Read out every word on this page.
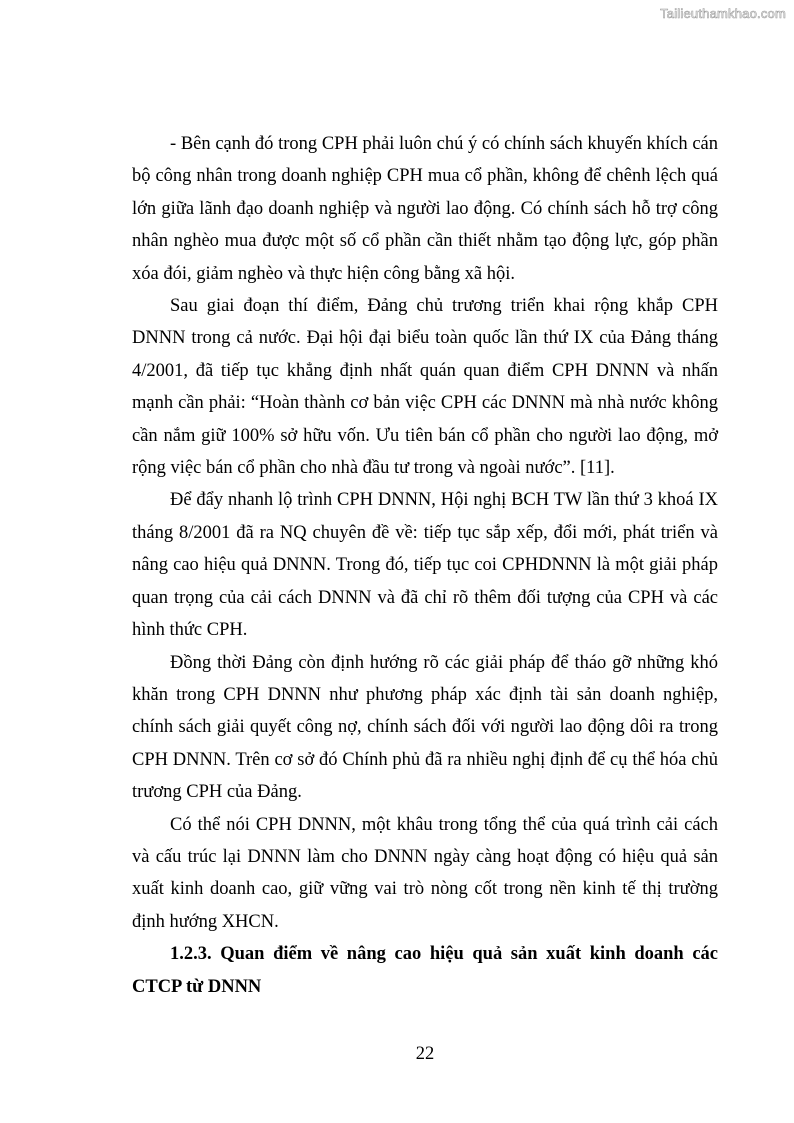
Tailieuthamkhao.com

- Bên cạnh đó trong CPH phải luôn chú ý có chính sách khuyến khích cán bộ công nhân trong doanh nghiệp CPH mua cổ phần, không để chênh lệch quá lớn giữa lãnh đạo doanh nghiệp và người lao động. Có chính sách hỗ trợ công nhân nghèo mua được một số cổ phần cần thiết nhằm tạo động lực, góp phần xóa đói, giảm nghèo và thực hiện công bằng xã hội.

Sau giai đoạn thí điểm, Đảng chủ trương triển khai rộng khắp CPH DNNN trong cả nước. Đại hội đại biểu toàn quốc lần thứ IX của Đảng tháng 4/2001, đã tiếp tục khẳng định nhất quán quan điểm CPH DNNN và nhấn mạnh cần phải: “Hoàn thành cơ bản việc CPH các DNNN mà nhà nước không cần nắm giữ 100% sở hữu vốn. Ưu tiên bán cổ phần cho người lao động, mở rộng việc bán cổ phần cho nhà đầu tư trong và ngoài nước”. [11].

Để đẩy nhanh lộ trình CPH DNNN, Hội nghị BCH TW lần thứ 3 khoá IX tháng 8/2001 đã ra NQ chuyên đề về: tiếp tục sắp xếp, đổi mới, phát triển và nâng cao hiệu quả DNNN. Trong đó, tiếp tục coi CPHDNNN là một giải pháp quan trọng của cải cách DNNN và đã chỉ rõ thêm đối tượng của CPH và các hình thức CPH.

Đồng thời Đảng còn định hướng rõ các giải pháp để tháo gỡ những khó khăn trong CPH DNNN như phương pháp xác định tài sản doanh nghiệp, chính sách giải quyết công nợ, chính sách đối với người lao động dôi ra trong CPH DNNN. Trên cơ sở đó Chính phủ đã ra nhiều nghị định để cụ thể hóa chủ trương CPH của Đảng.

Có thể nói CPH DNNN, một khâu trong tổng thể của quá trình cải cách và cấu trúc lại DNNN làm cho DNNN ngày càng hoạt động có hiệu quả sản xuất kinh doanh cao, giữ vững vai trò nòng cốt trong nền kinh tế thị trường định hướng XHCN.

1.2.3. Quan điểm về nâng cao hiệu quả sản xuất kinh doanh các CTCP từ DNNN

22
